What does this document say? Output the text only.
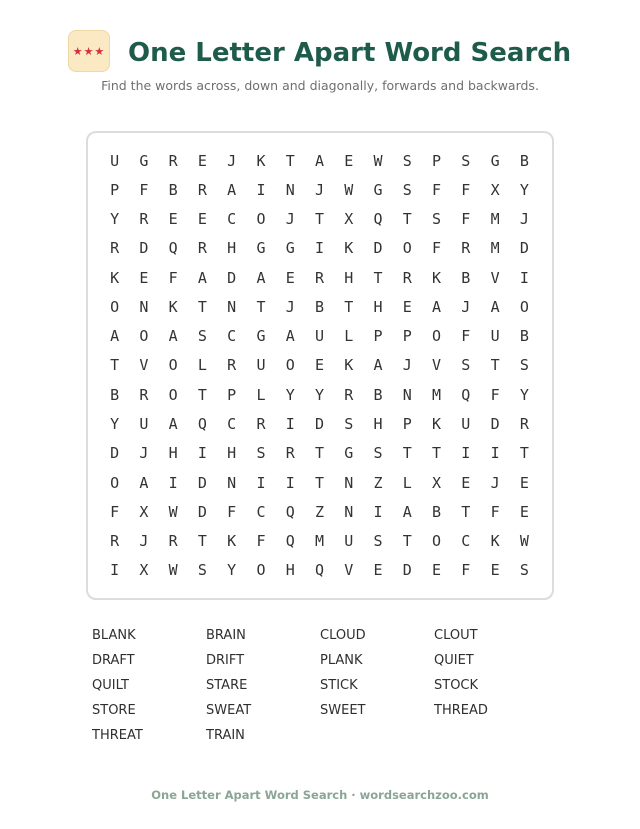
★★★ One Letter Apart Word Search
Find the words across, down and diagonally, forwards and backwards.
U	G	R	E	J	K	T	A	E	W	S	P	S	G	B
P	F	B	R	A	I	N	J	W	G	S	F	F	X	Y
Y	R	E	E	C	O	J	T	X	Q	T	S	F	M	J
R	D	Q	R	H	G	G	I	K	D	O	F	R	M	D
K	E	F	A	D	A	E	R	H	T	R	K	B	V	I
O	N	K	T	N	T	J	B	T	H	E	A	J	A	O
A	O	A	S	C	G	A	U	L	P	P	O	F	U	B
T	V	O	L	R	U	O	E	K	A	J	V	S	T	S
B	R	O	T	P	L	Y	Y	R	B	N	M	Q	F	Y
Y	U	A	Q	C	R	I	D	S	H	P	K	U	D	R
D	J	H	I	H	S	R	T	G	S	T	T	I	I	T
O	A	I	D	N	I	I	T	N	Z	L	X	E	J	E
F	X	W	D	F	C	Q	Z	N	I	A	B	T	F	E
R	J	R	T	K	F	Q	M	U	S	T	O	C	K	W
I	X	W	S	Y	O	H	Q	V	E	D	E	F	E	S
BLANK	BRAIN	CLOUD	CLOUT
DRAFT	DRIFT	PLANK	QUIET
QUILT	STARE	STICK	STOCK
STORE	SWEAT	SWEET	THREAD
THREAT	TRAIN
One Letter Apart Word Search · wordsearchzoo.com
